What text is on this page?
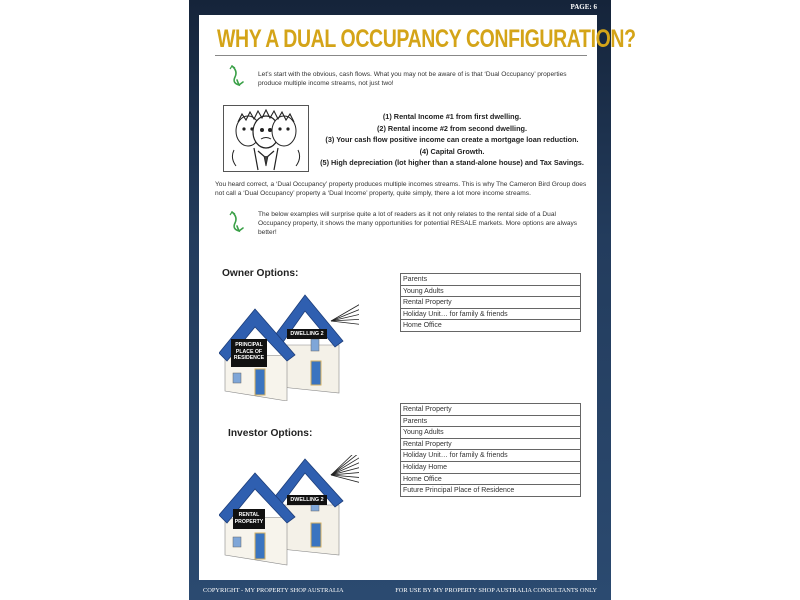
PAGE: 6
WHY A DUAL OCCUPANCY CONFIGURATION?
Let’s start with the obvious, cash flows. What you may not be aware of is that ‘Dual Occupancy’ properties produce multiple income streams, not just two!
(1) Rental Income #1 from first dwelling.
(2) Rental income #2 from second dwelling.
(3) Your cash flow positive income can create a mortgage loan reduction.
(4) Capital Growth.
(5) High depreciation (lot higher than a stand-alone house) and Tax Savings.
You heard correct, a ‘Dual Occupancy’ property produces multiple incomes streams. This is why The Cameron Bird Group does not call a ‘Dual Occupancy’ property a ‘Dual Income’ property, quite simply, there a lot more income streams.
The below examples will surprise quite a lot of readers as it not only relates to the rental side of a Dual Occupancy property, it shows the many opportunities for potential RESALE markets. More options are always better!
Owner Options:
DWELLING 2
PRINCIPAL PLACE OF RESIDENCE
Parents
Young Adults
Rental Property
Holiday Unit… for family & friends
Home Office
Investor Options:
DWELLING 2
RENTAL PROPERTY
Rental Property
Parents
Young Adults
Rental Property
Holiday Unit… for family & friends
Holiday Home
Home Office
Future Principal Place of Residence
COPYRIGHT - MY PROPERTY SHOP AUSTRALIA	FOR USE BY MY PROPERTY SHOP AUSTRALIA CONSULTANTS ONLY
